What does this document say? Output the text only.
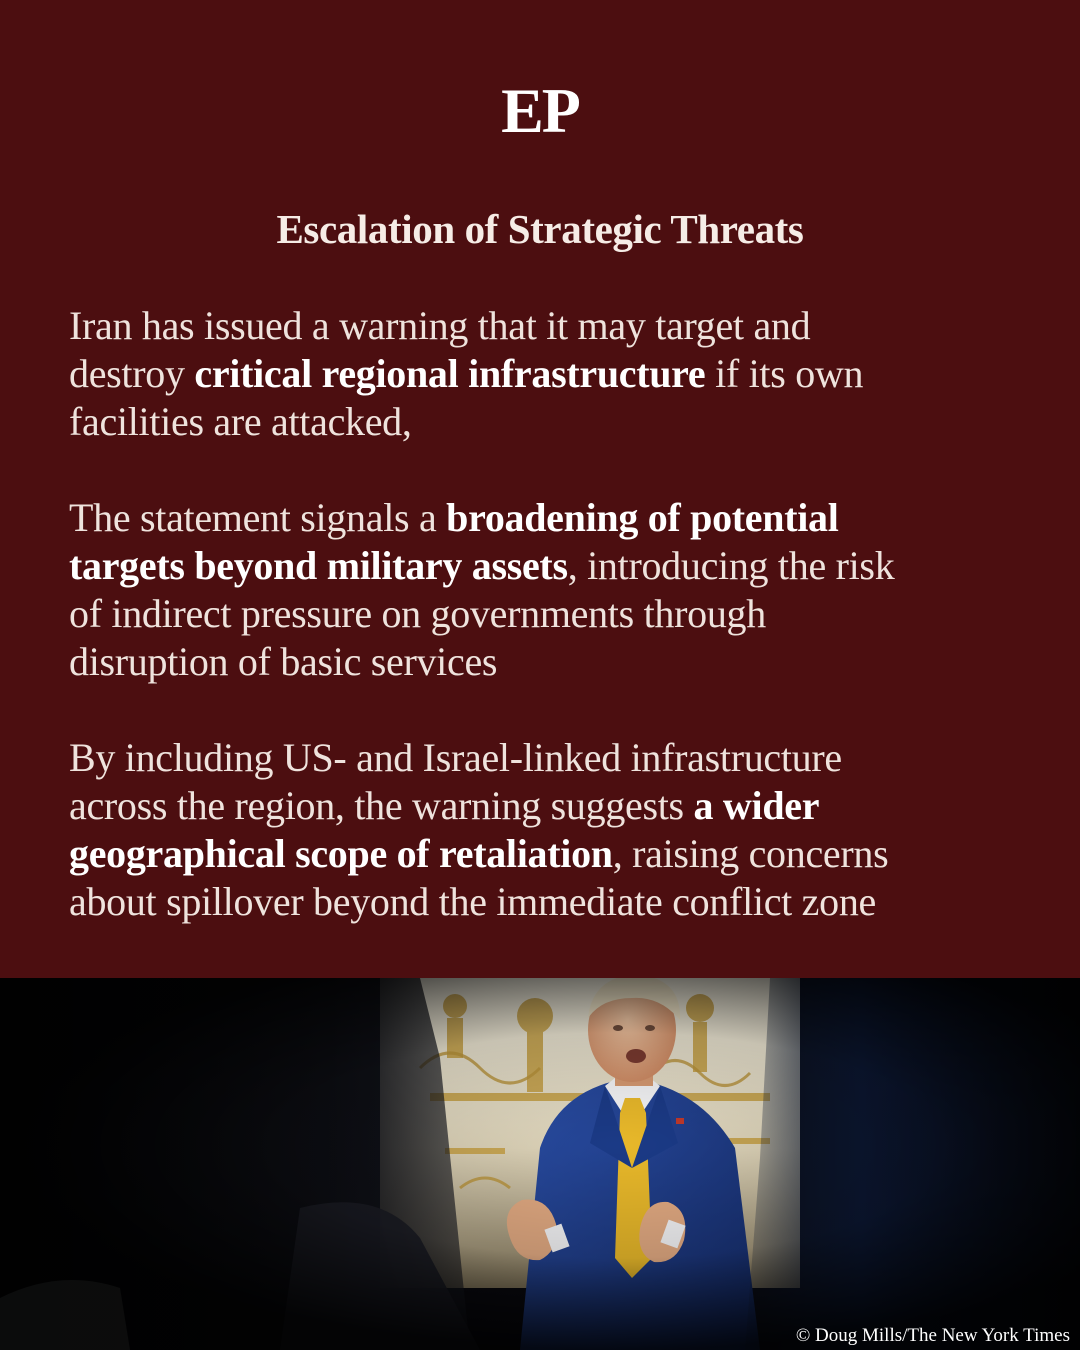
EP
Escalation of Strategic Threats

Iran has issued a warning that it may target and
destroy critical regional infrastructure if its own
facilities are attacked,

The statement signals a broadening of potential
targets beyond military assets, introducing the risk
of indirect pressure on governments through
disruption of basic services

By including US- and Israel-linked infrastructure
across the region, the warning suggests a wider
geographical scope of retaliation, raising concerns
about spillover beyond the immediate conflict zone

© Doug Mills/The New York Times
